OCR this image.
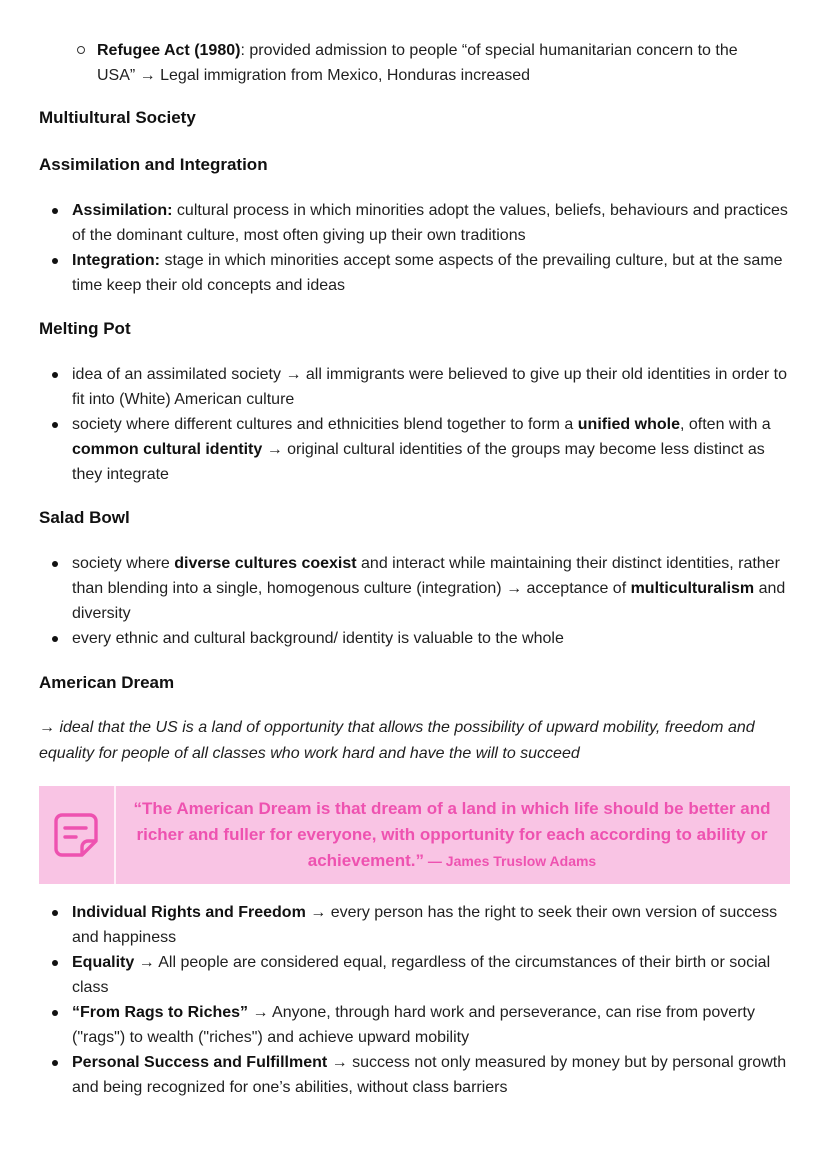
Refugee Act (1980): provided admission to people “of special humanitarian concern to the
USA” → Legal immigration from Mexico, Honduras increased
Multiultural Society
Assimilation and Integration
Assimilation: cultural process in which minorities adopt the values, beliefs, behaviours and practices of the dominant culture, most often giving up their own traditions
Integration: stage in which minorities accept some aspects of the prevailing culture, but at the same time keep their old concepts and ideas
Melting Pot
idea of an assimilated society → all immigrants were believed to give up their old identities in order to fit into (White) American culture
society where different cultures and ethnicities blend together to form a unified whole, often with a common cultural identity → original cultural identities of the groups may become less distinct as they integrate
Salad Bowl
society where diverse cultures coexist and interact while maintaining their distinct identities, rather than blending into a single, homogenous culture (integration) → acceptance of multiculturalism and diversity
every ethnic and cultural background/ identity is valuable to the whole
American Dream
→ ideal that the US is a land of opportunity that allows the possibility of upward mobility, freedom and equality for people of all classes who work hard and have the will to succeed
“The American Dream is that dream of a land in which life should be better and richer and fuller for everyone, with opportunity for each according to ability or achievement.” — James Truslow Adams
Individual Rights and Freedom → every person has the right to seek their own version of success and happiness
Equality → All people are considered equal, regardless of the circumstances of their birth or social class
“From Rags to Riches” → Anyone, through hard work and perseverance, can rise from poverty ("rags") to wealth ("riches") and achieve upward mobility
Personal Success and Fulfillment → success not only measured by money but by personal growth and being recognized for one’s abilities, without class barriers
